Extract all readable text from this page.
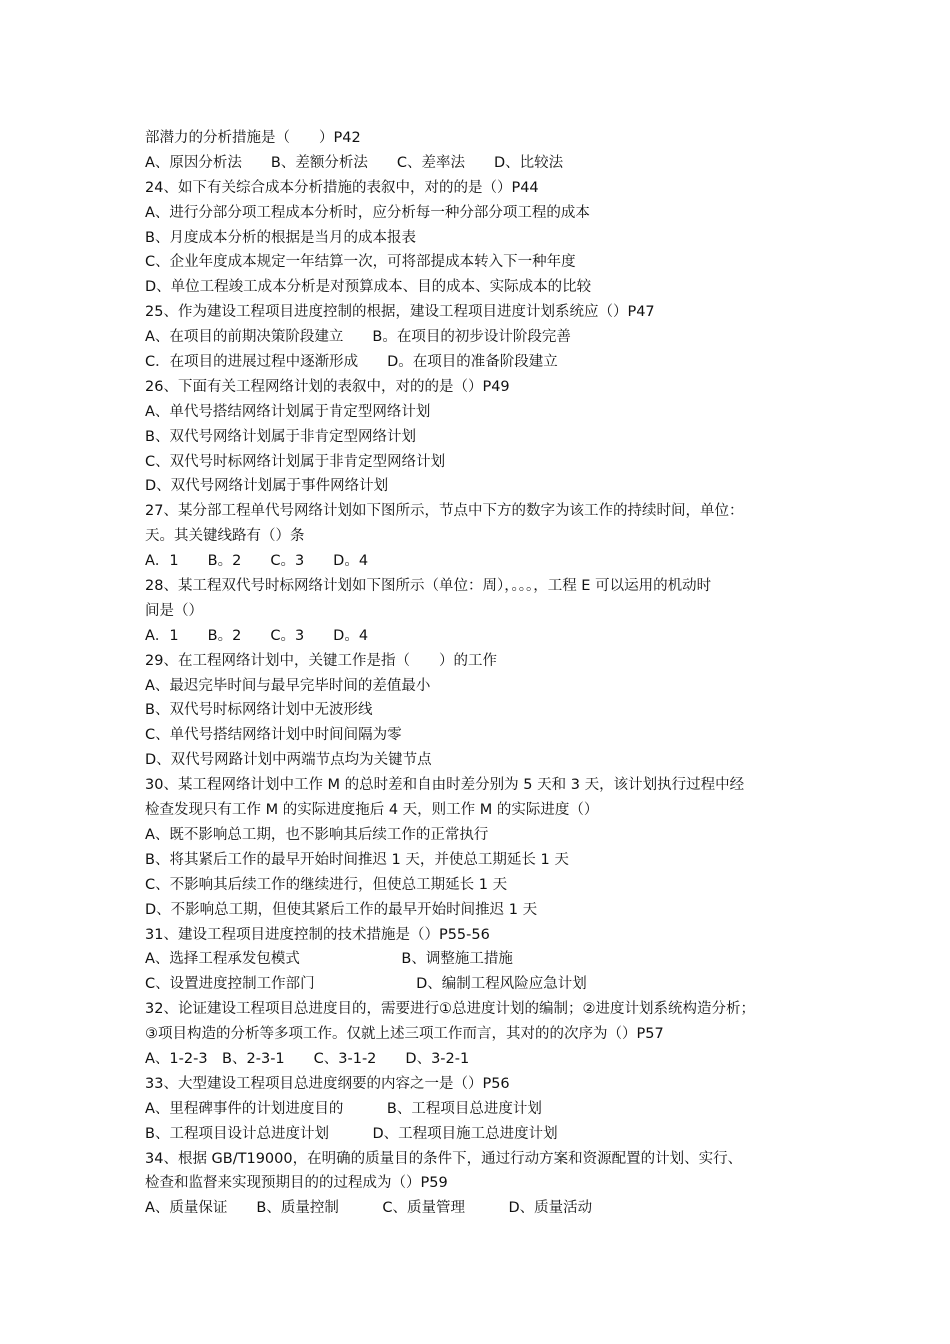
部潜力的分析措施是（　　）P42
A、原因分析法　　B、差额分析法　　C、差率法　　D、比较法
24、如下有关综合成本分析措施的表叙中，对的的是（）P44
A、进行分部分项工程成本分析时，应分析每一种分部分项工程的成本
B、月度成本分析的根据是当月的成本报表
C、企业年度成本规定一年结算一次，可将部提成本转入下一种年度
D、单位工程竣工成本分析是对预算成本、目的成本、实际成本的比较
25、作为建设工程项目进度控制的根据，建设工程项目进度计划系统应（）P47
A、在项目的前期决策阶段建立　　B。在项目的初步设计阶段完善
C．在项目的进展过程中逐渐形成　　D。在项目的准备阶段建立
26、下面有关工程网络计划的表叙中，对的的是（）P49
A、单代号搭结网络计划属于肯定型网络计划
B、双代号网络计划属于非肯定型网络计划
C、双代号时标网络计划属于非肯定型网络计划
D、双代号网络计划属于事件网络计划
27、某分部工程单代号网络计划如下图所示，节点中下方的数字为该工作的持续时间，单位：
天。其关键线路有（）条
A．1　　B。2　　C。3　　D。4
28、某工程双代号时标网络计划如下图所示（单位：周），。。。，工程 E 可以运用的机动时
间是（）
A．1　　B。2　　C。3　　D。4
29、在工程网络计划中，关键工作是指（　　）的工作
A、最迟完毕时间与最早完毕时间的差值最小
B、双代号时标网络计划中无波形线
C、单代号搭结网络计划中时间间隔为零
D、双代号网路计划中两端节点均为关键节点
30、某工程网络计划中工作 M 的总时差和自由时差分别为 5 天和 3 天，该计划执行过程中经
检查发现只有工作 M 的实际进度拖后 4 天，则工作 M 的实际进度（）
A、既不影响总工期，也不影响其后续工作的正常执行
B、将其紧后工作的最早开始时间推迟 1 天，并使总工期延长 1 天
C、不影响其后续工作的继续进行，但使总工期延长 1 天
D、不影响总工期，但使其紧后工作的最早开始时间推迟 1 天
31、建设工程项目进度控制的技术措施是（）P55-56
A、选择工程承发包模式　　　　　　　B、调整施工措施
C、设置进度控制工作部门　　　　　　　D、编制工程风险应急计划
32、论证建设工程项目总进度目的，需要进行①总进度计划的编制；②进度计划系统构造分析；
③项目构造的分析等多项工作。仅就上述三项工作而言，其对的的次序为（）P57
A、1-2-3　B、2-3-1　　C、3-1-2　　D、3-2-1
33、大型建设工程项目总进度纲要的内容之一是（）P56
A、里程碑事件的计划进度目的　　　B、工程项目总进度计划
B、工程项目设计总进度计划　　　D、工程项目施工总进度计划
34、根据 GB/T19000，在明确的质量目的条件下，通过行动方案和资源配置的计划、实行、
检查和监督来实现预期目的的过程成为（）P59
A、质量保证　　B、质量控制　　　C、质量管理　　　D、质量活动
